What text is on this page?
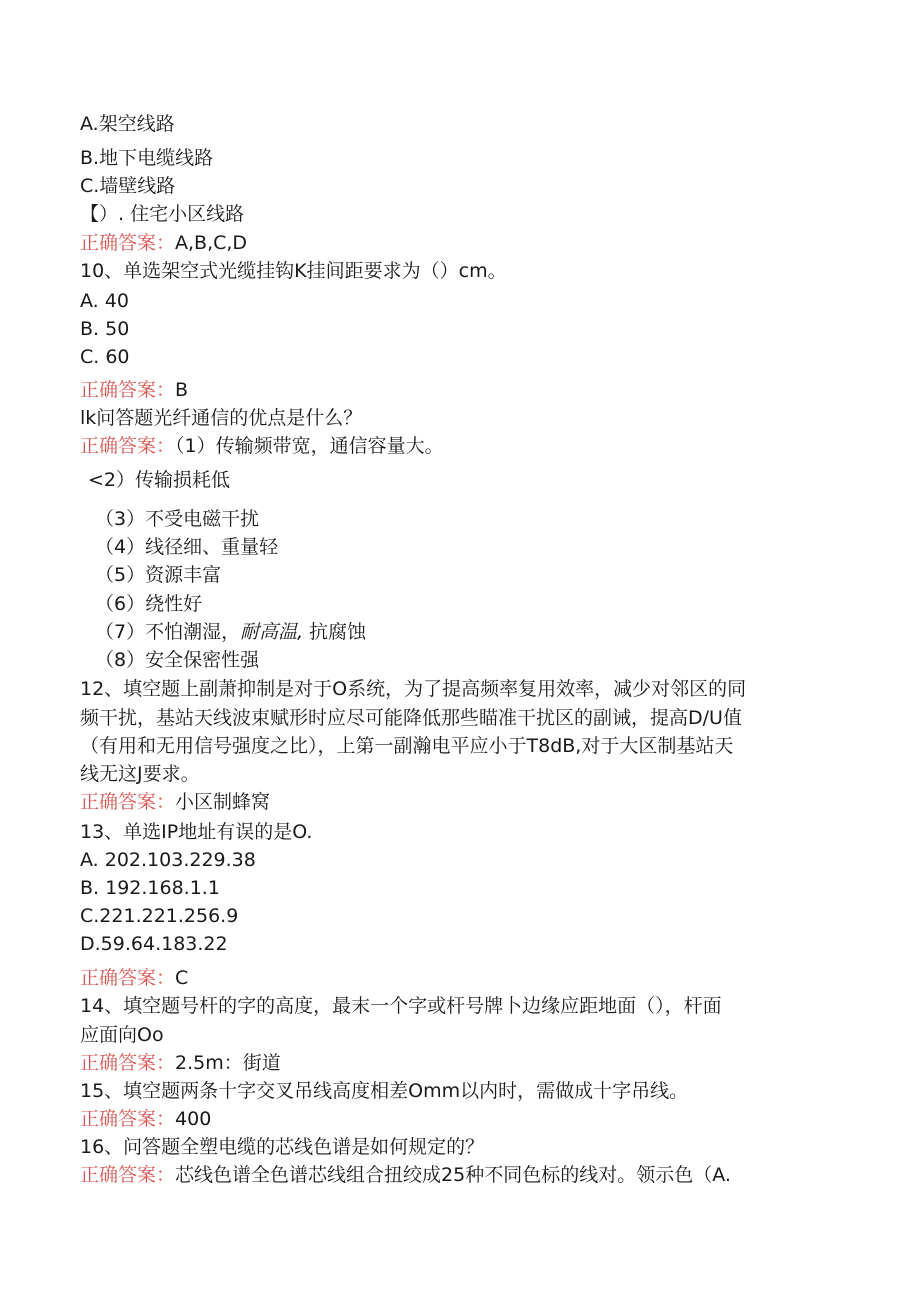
A.架空线路
B.地下电缆线路
C.墙壁线路
【）. 住宅小区线路
正确答案：A,B,C,D
10、单选架空式光缆挂钩K挂间距要求为（）cm。
A. 40
B. 50
C. 60
正确答案：B
lk问答题光纤通信的优点是什么？
正确答案：（1）传输频带宽，通信容量大。
<2）传输损耗低
（3）不受电磁干扰
（4）线径细、重量轻
（5）资源丰富
（6）绕性好
（7）不怕潮湿，耐高温, 抗腐蚀
（8）安全保密性强
12、填空题上副萧抑制是对于O系统，为了提高频率复用效率，减少对邻区的同
频干扰，基站天线波束赋形时应尽可能降低那些瞄准干扰区的副诫，提高D/U值
（有用和无用信号强度之比），上第一副瀚电平应小于T8dB,对于大区制基站天
线无这J要求。
正确答案：小区制蜂窝
13、单选IP地址有误的是O.
A. 202.103.229.38
B. 192.168.1.1
C.221.221.256.9
D.59.64.183.22
正确答案：C
14、填空题号杆的字的高度，最末一个字或杆号牌卜边缘应距地面（），杆面
应面向Oo
正确答案：2.5m：街道
15、填空题两条十字交叉吊线高度相差Omm以内时，需做成十字吊线。
正确答案：400
16、问答题全塑电缆的芯线色谱是如何规定的？
正确答案：芯线色谱全色谱芯线组合扭绞成25种不同色标的线对。领示色（A.
